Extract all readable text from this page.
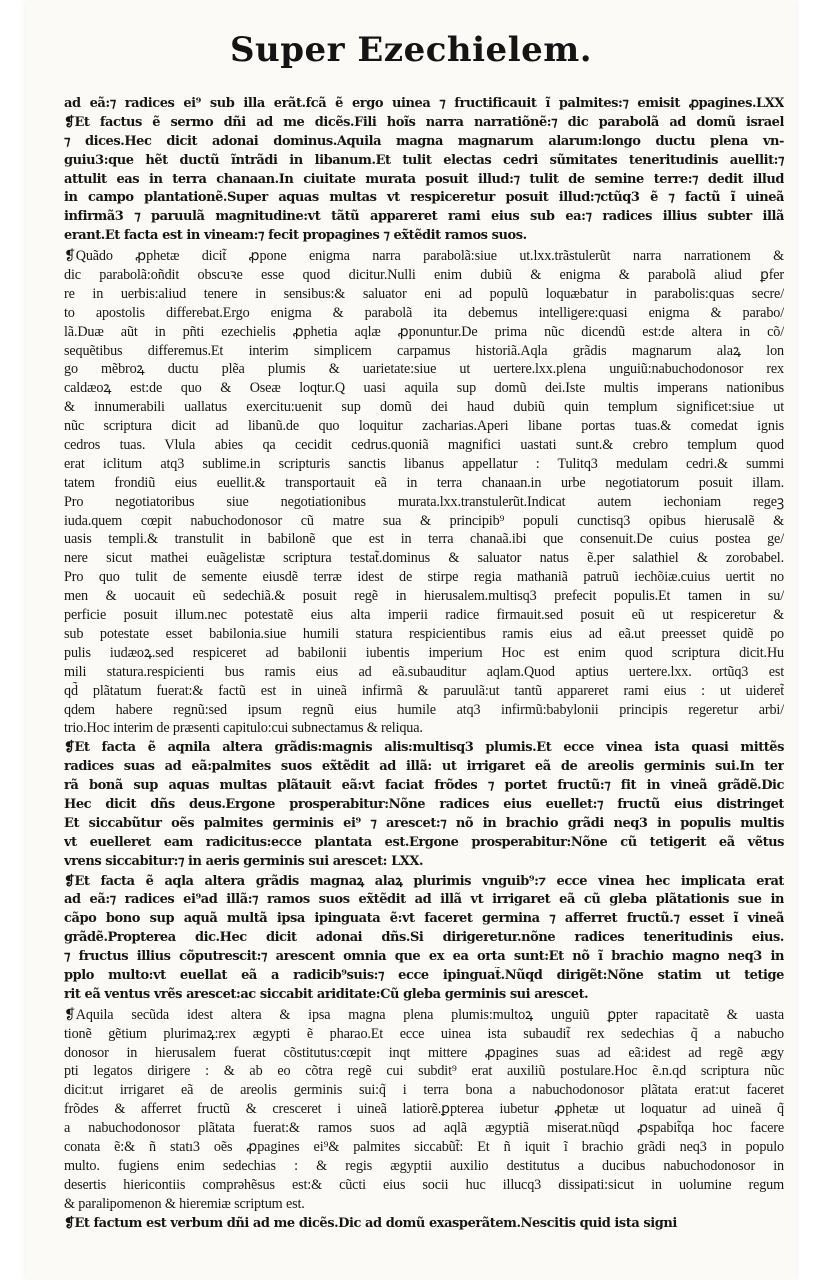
Super Ezechielem.
ad eã:⁊ radices ei⁹ sub illa erãt.fcã ẽ ergo uinea ⁊ fructificauit ĩ palmites:⁊ emisit ꝓpagines.LXX
❡Et factus ẽ sermo dñi ad me dicẽs.Fili hoĩs narra narratiõnẽ:⁊ dic parabolã ad domũ israel
⁊ dices.Hec dicit adonai dominus.Aquila magna magnarum alarum:longo ductu plena vn-
guiu3:que hẽt ductũ ĩntrãdi in libanum.Et tulit electas cedri sũmitates teneritudinis auellit:⁊
attulit eas in terra chanaan.In ciuitate murata posuit illud:⁊ tulit de semine terre:⁊ dedit illud
in campo plantationẽ.Super aquas multas vt respiceretur posuit illud:⁊ctũq3 ẽ ⁊ factũ ĩ uineã
infirmã3 ⁊ paruulã magnitudine:vt tãtũ appareret rami eius sub ea:⁊ radices illius subter illã
erant.Et facta est in vineam:⁊ fecit propagines ⁊ ex̃tẽdit ramos suos.
❡Quãdo ꝓphetæ dicit̃ ꝓpone enigma narra parabolã:siue ut.lxx.trãstulerũt narra narrationem &
dic parabolã:oñdit obscuꝛe esse quod dicitur.Nulli enim dubiũ & enigma & parabolã aliud ꝑfer
re in uerbis:aliud tenere in sensibus:& saluator eni ad populũ loquæbatur in parabolis:quas secre/
to apostolis differebat.Ergo enigma & parabolã ita debemus intelligere:quasi enigma & parabo/
lã.Duæ aũt in pñti ezechielis ꝓphetia aqlæ ꝓponuntur.De prima nũc dicendũ est:de altera in cõ/
sequẽtibus differemus.Et interim simplicem carpamus historiã.Aqla grãdis magnarum alaꝝ lon
go mẽbroꝝ ductu plẽa plumis & uarietate:siue ut uertere.lxx.plena unguiũ:nabuchodonosor rex
caldæoꝝ est:de quo & Oseæ loqtur.Q uasi aquila sup domũ dei.Iste multis imperans nationibus
& innumerabili uallatus exercitu:uenit sup domũ dei haud dubiũ quin templum significet:siue ut
nũc scriptura dicit ad libanũ.de quo loquitur zacharias.Aperi libane portas tuas.& comedat ignis
cedros tuas. Vlula abies qa cecidit cedrus.quoniã magnifici uastati sunt.& crebro templum quod
erat iclitum atq3 sublime.in scripturis sanctis libanus appellatur : Tulitq3 medulam cedri.& summi
tatem frondiũ eius euellit.& transportauit eã in terra chanaan.in urbe negotiatorum posuit illam.
Pro negotiatoribus siue negotiationibus murata.lxx.transtulerũt.Indicat autem iechoniam regeꝫ
iuda.quem cœpit nabuchodonosor cũ matre sua & principib⁹ populi cunctisq3 opibus hierusalẽ &
uasis templi.& transtulit in babilonẽ que est in terra chanaã.ibi que consenuit.De cuius postea ge/
nere sicut mathei euãgelistæ scriptura testat̃.dominus & saluator natus ẽ.per salathiel & zorobabel.
Pro quo tulit de semente eiusdẽ terræ idest de stirpe regia mathaniã patruũ iechõiæ.cuius uertit no
men & uocauit eũ sedechiã.& posuit regẽ in hierusalem.multisq3 prefecit populis.Et tamen in su/
perficie posuit illum.nec potestatẽ eius alta imperii radice firmauit.sed posuit eũ ut respiceretur &
sub potestate esset babilonia.siue humili statura respicientibus ramis eius ad eã.ut preesset quidẽ po
pulis iudæoꝝ.sed respiceret ad babilonii iubentis imperium Hoc est enim quod scriptura dicit.Hu
mili statura.respicienti bus ramis eius ad eã.subauditur aqlam.Quod aptius uertere.lxx. ortũq3 est
qd̃ plãtatum fuerat:& factũ est in uineã infirmã & paruulã:ut tantũ appareret rami eius : ut uideret̃
qdem habere regnũ:sed ipsum regnũ eius humile atq3 infirmũ:babylonii principis regeretur arbi/
trio.Hoc interim de præsenti capitulo:cui subnectamus & reliqua.
❡Et facta ẽ aqnila altera grãdis:magnis alis:multisq3 plumis.Et ecce vinea ista quasi mittẽs
radices suas ad eã:palmites suos ex̃tẽdit ad illã: ut irrigaret eã de areolis germinis sui.In ter
rã bonã sup aquas multas plãtauit eã:vt faciat frõdes ⁊ portet fructũ:⁊ fit in vineã grãdẽ.Dic
Hec dicit dñs deus.Ergone prosperabitur:Nõne radices eius euellet:⁊ fructũ eius distringet
Et siccabũtur oẽs palmites germinis ei⁹ ⁊ arescet:⁊ nõ in brachio grãdi neq3 in populis multis
vt euelleret eam radicitus:ecce plantata est.Ergone prosperabitur:Nõne cũ tetigerit eã vẽtus
vrens siccabitur:⁊ in aeris germinis sui arescet: LXX.
❡Et facta ẽ aqla altera grãdis magnaꝝ alaꝝ plurimis vnguib⁹:⁊ ecce vinea hec implicata erat
ad eã:⁊ radices ei⁹ad illã:⁊ ramos suos ex̃tẽdit ad illã vt irrigaret eã cũ gleba plãtationis sue in
cãpo bono sup aquã multã ipsa ipinguata ẽ:vt faceret germina ⁊ afferret fructũ.⁊ esset ĩ vineã
grãdẽ.Propterea dic.Hec dicit adonai dñs.Si dirigeretur.nõne radices teneritudinis eius.
⁊ fructus illius cõputrescit:⁊ arescent omnia que ex ea orta sunt:Et nõ ĩ brachio magno neq3 in
pplo multo:vt euellat eã a radicib⁹suis:⁊ ecce ipinguat̃.Nũqd dirigẽt:Nõne statim ut tetige
rit eã ventus vrẽs arescet:ac siccabit ariditate:Cũ gleba germinis sui arescet.
❡Aquila secũda idest altera & ipsa magna plena plumis:multoꝝ unguiũ ꝑpter rapacitatẽ & uasta
tionẽ gẽtium plurimaꝝ:rex ægypti ẽ pharao.Et ecce uinea ista subaudit̃ rex sedechias q̃ a nabucho
donosor in hierusalem fuerat cõstitutus:cœpit inqt mittere ꝓpagines suas ad eã:idest ad regẽ ægy
pti legatos dirigere : & ab eo cõtra regẽ cui subdit⁹ erat auxiliũ postulare.Hoc ẽ.n.qd scriptura nũc
dicit:ut irrigaret eã de areolis germinis sui:q̃ i terra bona a nabuchodonosor plãtata erat:ut faceret
frõdes & afferret fructũ & cresceret i uineã latiorẽ.ꝑpterea iubetur ꝓphetæ ut loquatur ad uineã q̃
a nabuchodonosor plãtata fuerat:& ramos suos ad aqlã ægyptiã miserat.nũqd ꝓspabit̃qa hoc facere
conata ẽ:& ñ statı3 oẽs ꝓpagines ei⁹& palmites siccabũt̃: Et ñ iquit ĩ brachio grãdi neq3 in populo
multo. fugiens enim sedechias : & regis ægyptii auxilio destitutus a ducibus nabuchodonosor in
desertis hiericontiis comprəhẽsus est:& cũcti eius socii huc illucq3 dissipati:sicut in uolumine regum
& paralipomenon & hieremiæ scriptum est.
❡Et factum est verbum dñi ad me dicẽs.Dic ad domũ exasperãtem.Nescitis quid ista signi
